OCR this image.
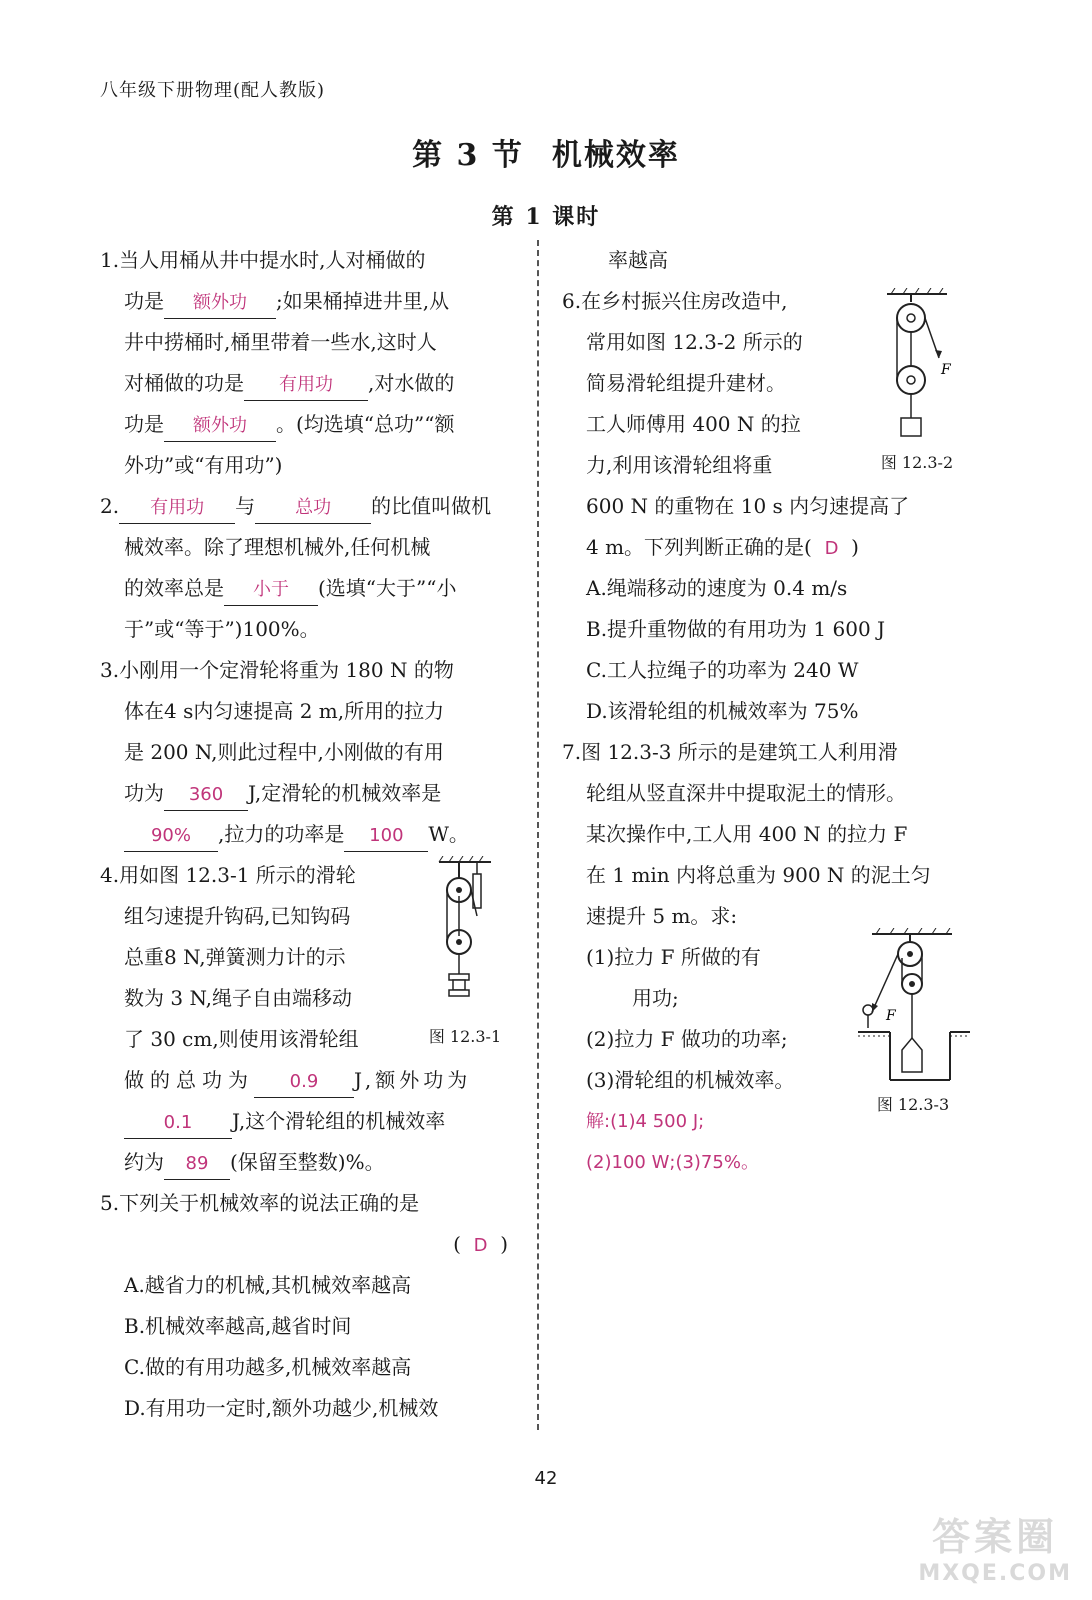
八年级下册物理(配人教版)
第 3 节 机械效率
第 1 课时
1.当人用桶从井中提水时,人对桶做的
功是 额外功 ;如果桶掉进井里,从
井中捞桶时,桶里带着一些水,这时人
对桶做的功是 有用功 ,对水做的
功是 额外功 。(均选填“总功”“额
外功”或“有用功”)
2. 有用功 与 总功 的比值叫做机
械效率。除了理想机械外,任何机械
的效率总是 小于 (选填“大于”“小
于”或“等于”)100%。
3.小刚用一个定滑轮将重为 180 N 的物
体在4 s内匀速提高 2 m,所用的拉力
是 200 N,则此过程中,小刚做的有用
功为 360 J,定滑轮的机械效率是
90% ,拉力的功率是 100 W。
4.用如图 12.3-1 所示的滑轮
组匀速提升钩码,已知钩码
总重8 N,弹簧测力计的示
数为 3 N,绳子自由端移动
了 30 cm,则使用该滑轮组
做的总功为 0.9 J,额外功为
0.1 J,这个滑轮组的机械效率
约为 89 (保留至整数)%。
5.下列关于机械效率的说法正确的是
( D )
A.越省力的机械,其机械效率越高
B.机械效率越高,越省时间
C.做的有用功越多,机械效率越高
D.有用功一定时,额外功越少,机械效
图 12.3-1
率越高
6.在乡村振兴住房改造中,
常用如图 12.3-2 所示的
简易滑轮组提升建材。
工人师傅用 400 N 的拉
力,利用该滑轮组将重
600 N 的重物在 10 s 内匀速提高了
4 m。下列判断正确的是( D )
A.绳端移动的速度为 0.4 m/s
B.提升重物做的有用功为 1 600 J
C.工人拉绳子的功率为 240 W
D.该滑轮组的机械效率为 75%
7.图 12.3-3 所示的是建筑工人利用滑
轮组从竖直深井中提取泥土的情形。
某次操作中,工人用 400 N 的拉力 F
在 1 min 内将总重为 900 N 的泥土匀
速提升 5 m。求:
(1)拉力 F 所做的有
用功;
(2)拉力 F 做功的功率;
(3)滑轮组的机械效率。
解:(1)4 500 J;
(2)100 W;(3)75%。
F
图 12.3-2
F
图 12.3-3
42
答案圈
MXQE.COM
